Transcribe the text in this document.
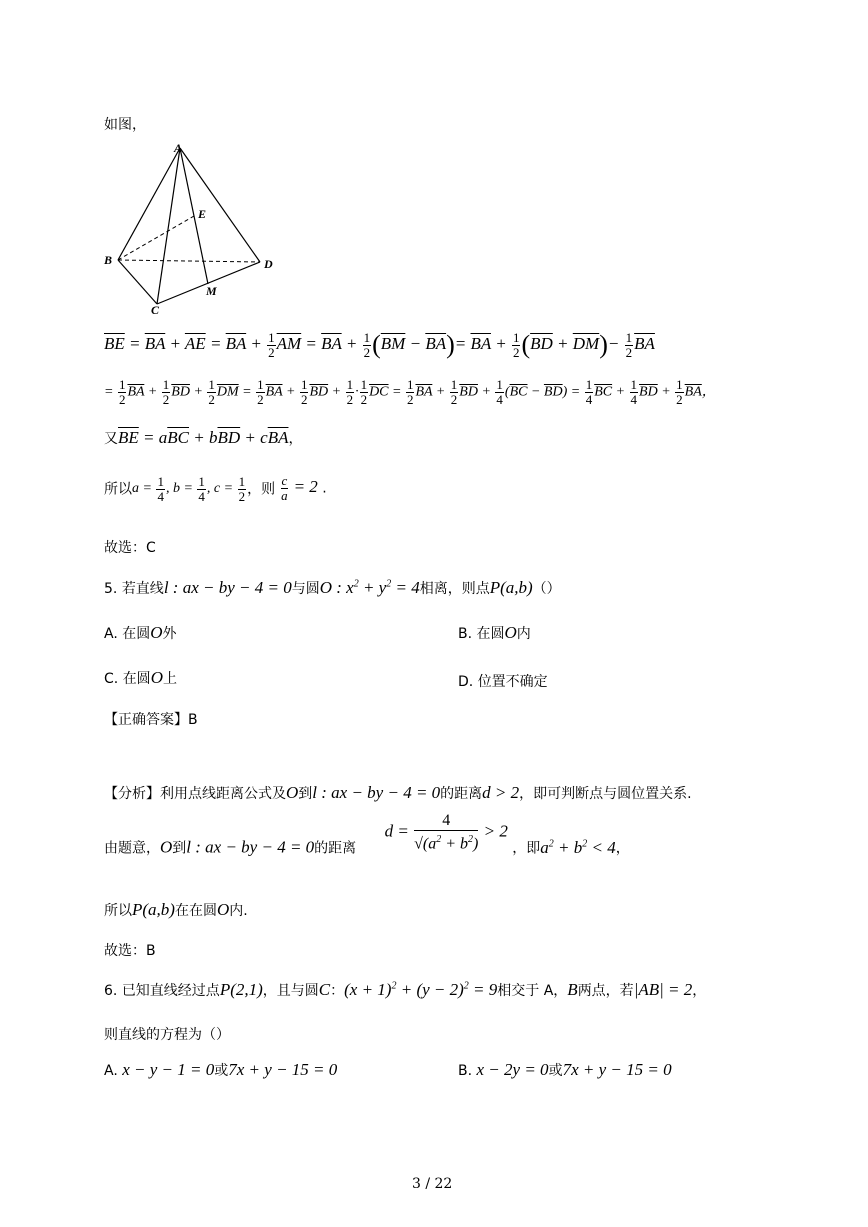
如图，
A
E
B	D
M
C
$\overline{BE} = \overline{BA} + \overline{AE} = \overline{BA} + \frac{1}{2} \overline{AM} = \overline{BA} + \frac{1}{2} (\overline{BM} - \overline{BA})= \overline{BA} + \frac{1}{2} (\overline{BD} + \overline{DM})- \frac{1}{2} \overline{BA}$
= $\frac{1}{2} \overline{BA} + \frac{1}{2} \overline{BD} + \frac{1}{2} \overline{DM} = \frac{1}{2} \overline{BA} + \frac{1}{2} \overline{BD} + \frac{1}{2} \cdot \frac{1}{2} \overline{DC} = \frac{1}{2} \overline{BA} + \frac{1}{2} \overline{BD} + \frac{1}{4} (\overline{BC} - \overline{BD}) = \frac{1}{4} \overline{BC} + \frac{1}{4} \overline{BD} + \frac{1}{2} \overline{BA}$，
又$\overline{BE} = a\overline{BC} + b\overline{BD} + c\overline{BA}$，
所以$a = \frac{1}{4}$ , $b = \frac{1}{4}$ , $c = \frac{1}{2}$ ，则 $\frac{c}{a} = 2$ .
故选：C
5. 若直线l : ax − by − 4 = 0与圆O : $x^2 + y^2 = 4$相离，则点P(a,b)（）
A. 在圆O外	B. 在圆O内
C. 在圆O上	D. 位置不确定
【正确答案】B
【分析】利用点线距离公式及O到l : ax − by − 4 = 0的距离d > 2，即可判断点与圆位置关系.
由题意，O到l : ax − by − 4 = 0的距离 $d = \frac{4}{√(a^2 + b^2)} > 2$ ，即$a^2 + b^2 < 4$，
所以P(a,b)在在圆O内.
故选：B
6. 已知直线经过点P(2,1)，且与圆C：$(x + 1)^2 + (y - 2)^2 = 9$相交于 A，B两点，若|AB| = 2，
则直线的方程为（）
A. x − y − 1 = 0或7x + y − 15 = 0	B. x − 2y = 0或7x + y − 15 = 0
3 / 22
